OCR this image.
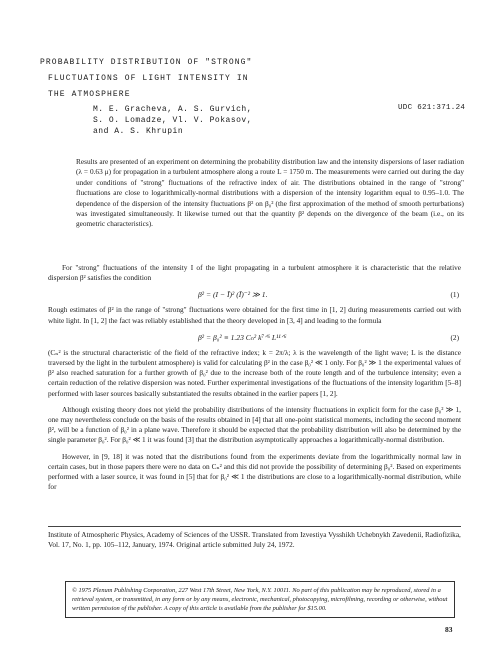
PROBABILITY DISTRIBUTION OF "STRONG"
FLUCTUATIONS OF LIGHT INTENSITY IN
THE ATMOSPHERE
M. E. Gracheva, A. S. Gurvich,
S. O. Lomadze, Vl. V. Pokasov,
and A. S. Khrupin
UDC 621:371.24
Results are presented of an experiment on determining the probability distribution law and the intensity dispersions of laser radiation (λ = 0.63 μ) for propagation in a turbulent atmosphere along a route L = 1750 m. The measurements were carried out during the day under conditions of "strong" fluctuations of the refractive index of air. The distributions obtained in the range of "strong" fluctuations are close to logarithmically-normal distributions with a dispersion of the intensity logarithm equal to 0.95–1.0. The dependence of the dispersion of the intensity fluctuations β² on β₀² (the first approximation of the method of smooth perturbations) was investigated simultaneously. It likewise turned out that the quantity β² depends on the divergence of the beam (i.e., on its geometric characteristics).

For "strong" fluctuations of the intensity I of the light propagating in a turbulent atmosphere it is characteristic that the relative dispersion β² satisfies the condition

β² = (I − Ī)² (Ī)⁻² ≫ 1.	(1)

Rough estimates of β² in the range of "strong" fluctuations were obtained for the first time in [1, 2] during measurements carried out with white light. In [1, 2] the fact was reliably established that the theory developed in [3, 4] and leading to the formula

β² = β₀² ≡ 1.23 Cₙ² k⁷ᐟ⁶ L¹¹ᐟ⁶	(2)

(Cₙ² is the structural characteristic of the field of the refractive index; k = 2π/λ; λ is the wavelength of the light wave; L is the distance traversed by the light in the turbulent atmosphere) is valid for calculating β² in the case β₀² ≪ 1 only. For β₀² ≫ 1 the experimental values of β² also reached saturation for a further growth of β₀² due to the increase both of the route length and of the turbulence intensity; even a certain reduction of the relative dispersion was noted. Further experimental investigations of the fluctuations of the intensity logarithm [5–8] performed with laser sources basically substantiated the results obtained in the earlier papers [1, 2].

Although existing theory does not yield the probability distributions of the intensity fluctuations in explicit form for the case β₀² ≫ 1, one may nevertheless conclude on the basis of the results obtained in [4] that all one-point statistical moments, including the second moment β², will be a function of β₀² in a plane wave. Therefore it should be expected that the probability distribution will also be determined by the single parameter β₀². For β₀² ≪ 1 it was found [3] that the distribution asymptotically approaches a logarithmically-normal distribution.

However, in [9, 18] it was noted that the distributions found from the experiments deviate from the logarithmically normal law in certain cases, but in those papers there were no data on Cₙ² and this did not provide the possibility of determining β₀². Based on experiments performed with a laser source, it was found in [5] that for β₀² ≪ 1 the distributions are close to a logarithmically-normal distribution, while for

Institute of Atmospheric Physics, Academy of Sciences of the USSR. Translated from Izvestiya Vysshikh Uchebnykh Zavedenii, Radiofizika, Vol. 17, No. 1, pp. 105–112, January, 1974. Original article submitted July 24, 1972.
© 1975 Plenum Publishing Corporation, 227 West 17th Street, New York, N.Y. 10011. No part of this publication may be reproduced, stored in a retrieval system, or transmitted, in any form or by any means, electronic, mechanical, photocopying, microfilming, recording or otherwise, without written permission of the publisher. A copy of this article is available from the publisher for $15.00.
83
